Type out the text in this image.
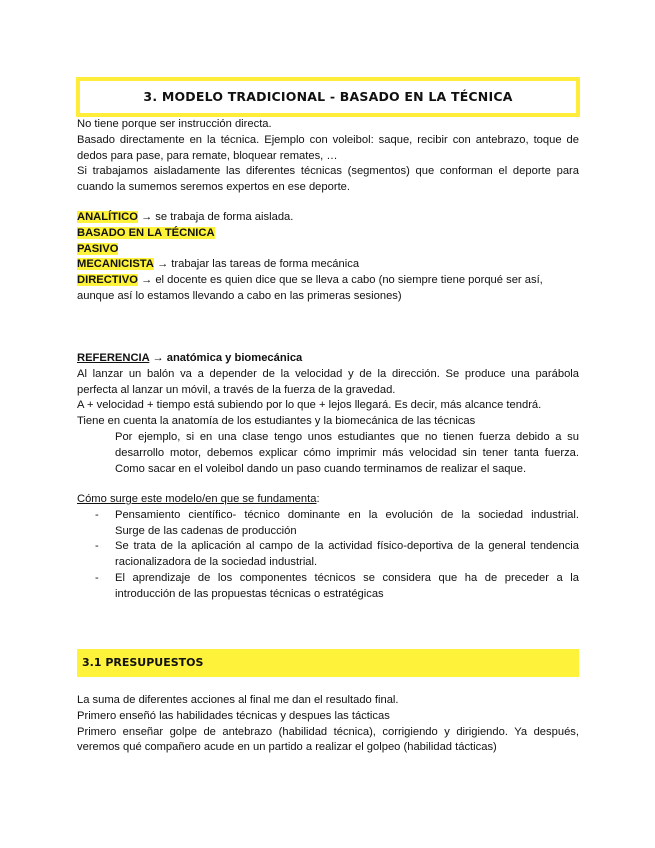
3. MODELO TRADICIONAL - BASADO EN LA TÉCNICA
No tiene porque ser instrucción directa.
Basado directamente en la técnica. Ejemplo con voleibol: saque, recibir con antebrazo, toque de
dedos para pase, para remate, bloquear remates, …
Si trabajamos aisladamente las diferentes técnicas (segmentos) que conforman el deporte para
cuando la sumemos seremos expertos en ese deporte.
ANALÍTICO → se trabaja de forma aislada.
BASADO EN LA TÉCNICA
PASIVO
MECANICISTA → trabajar las tareas de forma mecánica
DIRECTIVO → el docente es quien dice que se lleva a cabo (no siempre tiene porqué ser así,
aunque así lo estamos llevando a cabo en las primeras sesiones)
REFERENCIA → anatómica y biomecánica
Al lanzar un balón va a depender de la velocidad y de la dirección. Se produce una parábola
perfecta al lanzar un móvil, a través de la fuerza de la gravedad.
A + velocidad + tiempo está subiendo por lo que + lejos llegará. Es decir, más alcance tendrá.
Tiene en cuenta la anatomía de los estudiantes y la biomecánica de las técnicas
Por ejemplo, si en una clase tengo unos estudiantes que no tienen fuerza debido a su
desarrollo motor, debemos explicar cómo imprimir más velocidad sin tener tanta fuerza.
Como sacar en el voleibol dando un paso cuando terminamos de realizar el saque.
Cómo surge este modelo/en que se fundamenta:
- Pensamiento científico- técnico dominante en la evolución de la sociedad industrial.
Surge de las cadenas de producción
- Se trata de la aplicación al campo de la actividad físico-deportiva de la general tendencia
racionalizadora de la sociedad industrial.
- El aprendizaje de los componentes técnicos se considera que ha de preceder a la
introducción de las propuestas técnicas o estratégicas
3.1 PRESUPUESTOS
La suma de diferentes acciones al final me dan el resultado final.
Primero enseñó las habilidades técnicas y despues las tácticas
Primero enseñar golpe de antebrazo (habilidad técnica), corrigiendo y dirigiendo. Ya después,
veremos qué compañero acude en un partido a realizar el golpeo (habilidad tácticas)
